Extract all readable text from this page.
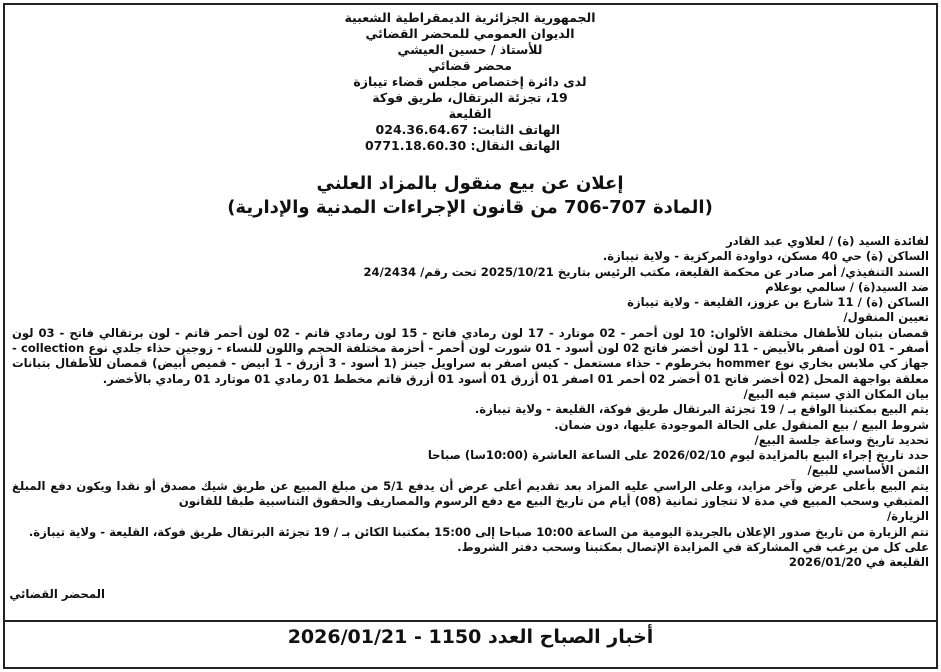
الجمهورية الجزائرية الديمقراطية الشعبية
الديوان العمومي للمحضر القضائي
للأستاذ / حسين العيشي
محضر قضائي
لدى دائرة إختصاص مجلس قضاء تيبازة
19، تجزئة البرتقال، طريق فوكة
القليعة
الهاتف الثابت: 024.36.64.67
الهاتف النقال: 0771.18.60.30
إعلان عن بيع منقول بالمزاد العلني
(المادة 707-706 من قانون الإجراءات المدنية والإدارية)

لفائدة السيد (ة) / لعلاوي عبد القادر

الساكن (ة) حي 40 مسكن، دواودة المركزية - ولاية تيبازة.

السند التنفيذي/ أمر صادر عن محكمة القليعة، مكتب الرئيس بتاريخ 2025/10/21 تحت رقم/ 24/2434

ضد السيد(ة) / سالمي بوعلام

الساكن (ة) / 11 شارع بن عزوز، القليعة - ولاية تيبازة

تعيين المنقول/

قمصان بتبان للأطفال مختلفة الألوان: 10 لون أحمر - 02 موتارد - 17 لون رمادي فاتح - 15 لون رمادي قاتم - 02 لون أحمر قاتم - لون برتقالي فاتح - 03 لون أصفر - 01 لون أصفر بالأبيض - 11 لون أخضر فاتح 02 لون أسود - 01 شورت لون أحمر - أحزمة مختلفة الحجم واللون للنساء - زوجين حذاء جلدي نوع collection - جهاز كي ملابس بخاري نوع hommer بخرطوم - حذاء مستعمل - كيس اصفر به سراويل جينز (1 أسود - 3 أزرق - 1 ابيض - قميص أبيض) قمصان للأطفال بتبانات معلقة بواجهة المحل (02 أخضر فاتح 01 أخضر 02 أحمر 01 اصفر 01 أزرق 01 أسود 01 أزرق قاتم مخطط 01 رمادي 01 موتارد 01 رمادي بالأخضر.

بيان المكان الذي سيتم فيه البيع/

يتم البيع بمكتبنا الواقع بـ / 19 تجزئة البرتقال طريق فوكة، القليعة - ولاية تيبازة.

شروط البيع / بيع المنقول على الحالة الموجودة عليها، دون ضمان.

تحديد تاريخ وساعة جلسة البيع/

حدد تاريخ إجراء البيع بالمزايدة ليوم 2026/02/10 على الساعة العاشرة (10:00سا) صباحا

الثمن الأساسي للبيع/

يتم البيع بأعلى عرض وآخر مزايد، وعلى الراسي عليه المزاد بعد تقديم أعلى عرض أن يدفع 5/1 من مبلغ المبيع عن طريق شيك مصدق أو نقدا ويكون دفع المبلغ المتبقي وسحب المبيع في مدة لا تتجاوز ثمانية (08) أيام من تاريخ البيع مع دفع الرسوم والمصاريف والحقوق التناسبية طبقا للقانون

الزيارة/

تتم الزيارة من تاريخ صدور الإعلان بالجريدة اليومية من الساعة 10:00 صباحا إلى 15:00 بمكتبنا الكائن بـ / 19 تجزئة البرتقال طريق فوكة، القليعة - ولاية تيبازة.

على كل من يرغب في المشاركة في المزايدة الإتصال بمكتبنا وسحب دفتر الشروط.

القليعة في 2026/01/20

المحضر القضائي
أخبار الصباح العدد 1150 - 2026/01/21
